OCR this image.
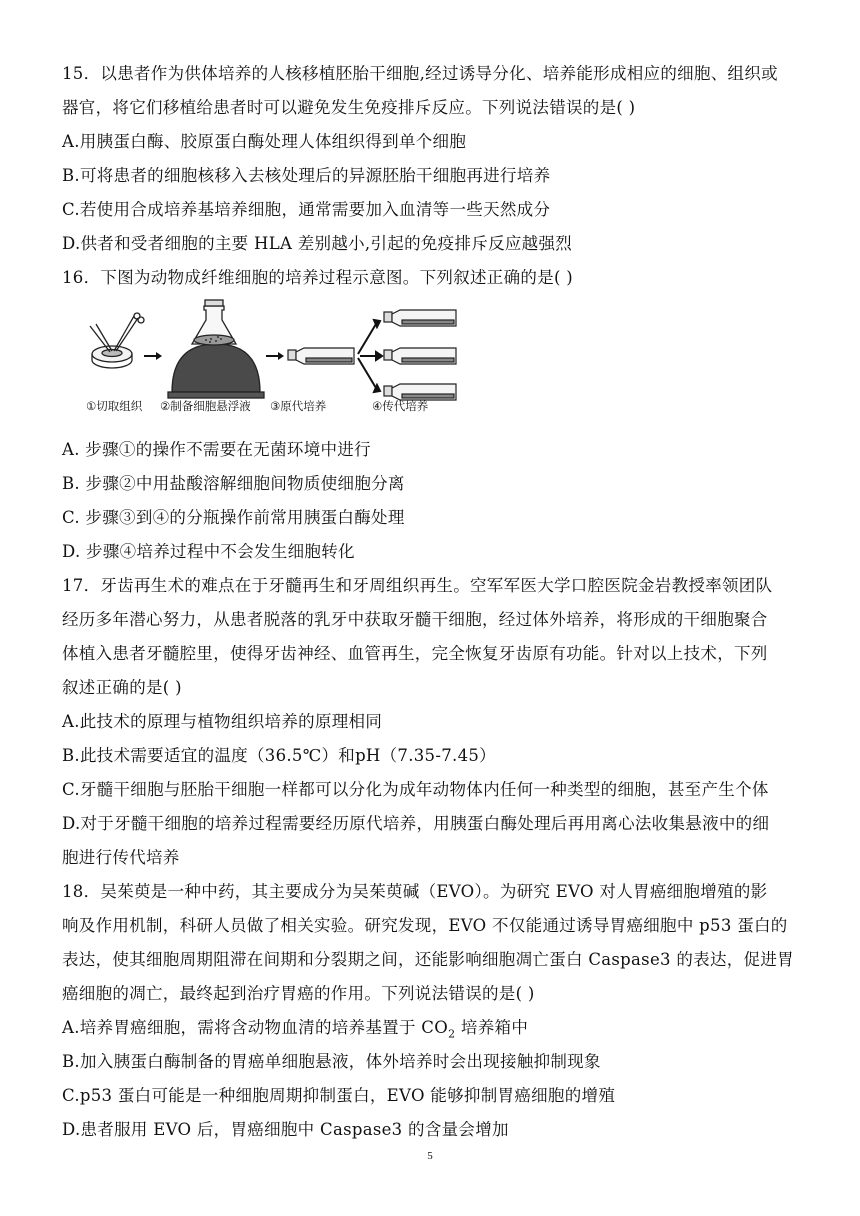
15．以患者作为供体培养的人核移植胚胎干细胞,经过诱导分化、培养能形成相应的细胞、组织或
器官，将它们移植给患者时可以避免发生免疫排斥反应。下列说法错误的是( )
A.用胰蛋白酶、胶原蛋白酶处理人体组织得到单个细胞
B.可将患者的细胞核移入去核处理后的异源胚胎干细胞再进行培养
C.若使用合成培养基培养细胞，通常需要加入血清等一些天然成分
D.供者和受者细胞的主要 HLA 差别越小,引起的免疫排斥反应越强烈
16．下图为动物成纤维细胞的培养过程示意图。下列叙述正确的是( )
①切取组织 ②制备细胞悬浮液 ③原代培养	④传代培养
A. 步骤①的操作不需要在无菌环境中进行
B. 步骤②中用盐酸溶解细胞间物质使细胞分离
C. 步骤③到④的分瓶操作前常用胰蛋白酶处理
D. 步骤④培养过程中不会发生细胞转化
17．牙齿再生术的难点在于牙髓再生和牙周组织再生。空军军医大学口腔医院金岩教授率领团队
经历多年潜心努力，从患者脱落的乳牙中获取牙髓干细胞，经过体外培养，将形成的干细胞聚合
体植入患者牙髓腔里，使得牙齿神经、血管再生，完全恢复牙齿原有功能。针对以上技术，下列
叙述正确的是( )
A.此技术的原理与植物组织培养的原理相同
B.此技术需要适宜的温度（36.5℃）和pH（7.35-7.45）
C.牙髓干细胞与胚胎干细胞一样都可以分化为成年动物体内任何一种类型的细胞，甚至产生个体
D.对于牙髓干细胞的培养过程需要经历原代培养，用胰蛋白酶处理后再用离心法收集悬液中的细
胞进行传代培养
18．吴茱萸是一种中药，其主要成分为吴茱萸碱（EVO）。为研究 EVO 对人胃癌细胞增殖的影
响及作用机制，科研人员做了相关实验。研究发现，EVO 不仅能通过诱导胃癌细胞中 p53 蛋白的
表达，使其细胞周期阻滞在间期和分裂期之间，还能影响细胞凋亡蛋白 Caspase3 的表达，促进胃
癌细胞的凋亡，最终起到治疗胃癌的作用。下列说法错误的是( )
A.培养胃癌细胞，需将含动物血清的培养基置于 $CO_2$ 培养箱中
B.加入胰蛋白酶制备的胃癌单细胞悬液，体外培养时会出现接触抑制现象
C.p53 蛋白可能是一种细胞周期抑制蛋白，EVO 能够抑制胃癌细胞的增殖
D.患者服用 EVO 后，胃癌细胞中 Caspase3 的含量会增加
5
